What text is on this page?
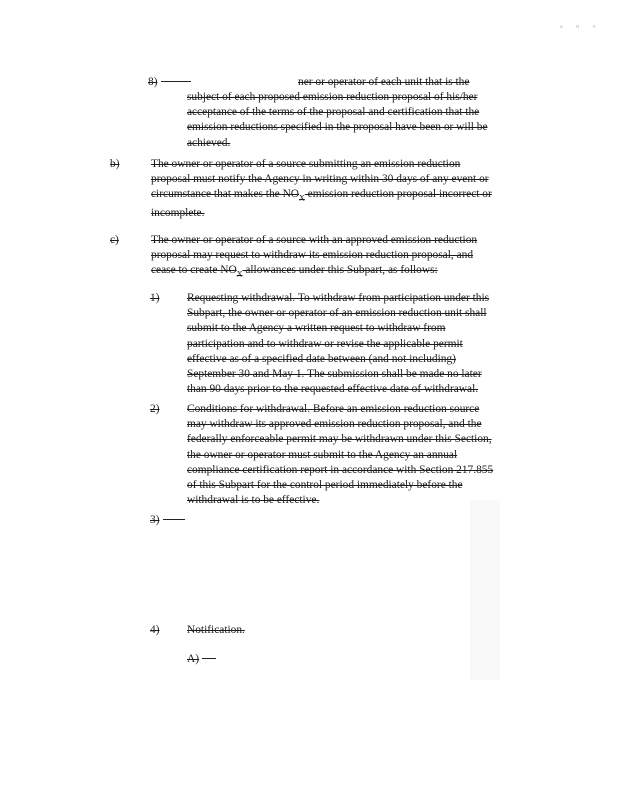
a n o
8)	ner or operator of each unit that is the
subject of each proposed emission reduction proposal of his/her
acceptance of the terms of the proposal and certification that the
emission reductions specified in the proposal have been or will be
achieved.
b)	The owner or operator of a source submitting an emission reduction
proposal must notify the Agency in writing within 30 days of any event or
circumstance that makes the $NO_X$ emission reduction proposal incorrect or
incomplete.
c)	The owner or operator of a source with an approved emission reduction
proposal may request to withdraw its emission reduction proposal, and
cease to create $NO_X$ allowances under this Subpart, as follows:
1) Requesting withdrawal. To withdraw from participation under this
Subpart, the owner or operator of an emission reduction unit shall
submit to the Agency a written request to withdraw from
participation and to withdraw or revise the applicable permit
effective as of a specified date between (and not including)
September 30 and May 1. The submission shall be made no later
than 90 days prior to the requested effective date of withdrawal.
2) Conditions for withdrawal. Before an emission reduction source
may withdraw its approved emission reduction proposal, and the
federally enforceable permit may be withdrawn under this Section,
the owner or operator must submit to the Agency an annual
compliance certification report in accordance with Section 217.855
of this Subpart for the control period immediately before the
withdrawal is to be effective.
3)
4) Notification.
A)
